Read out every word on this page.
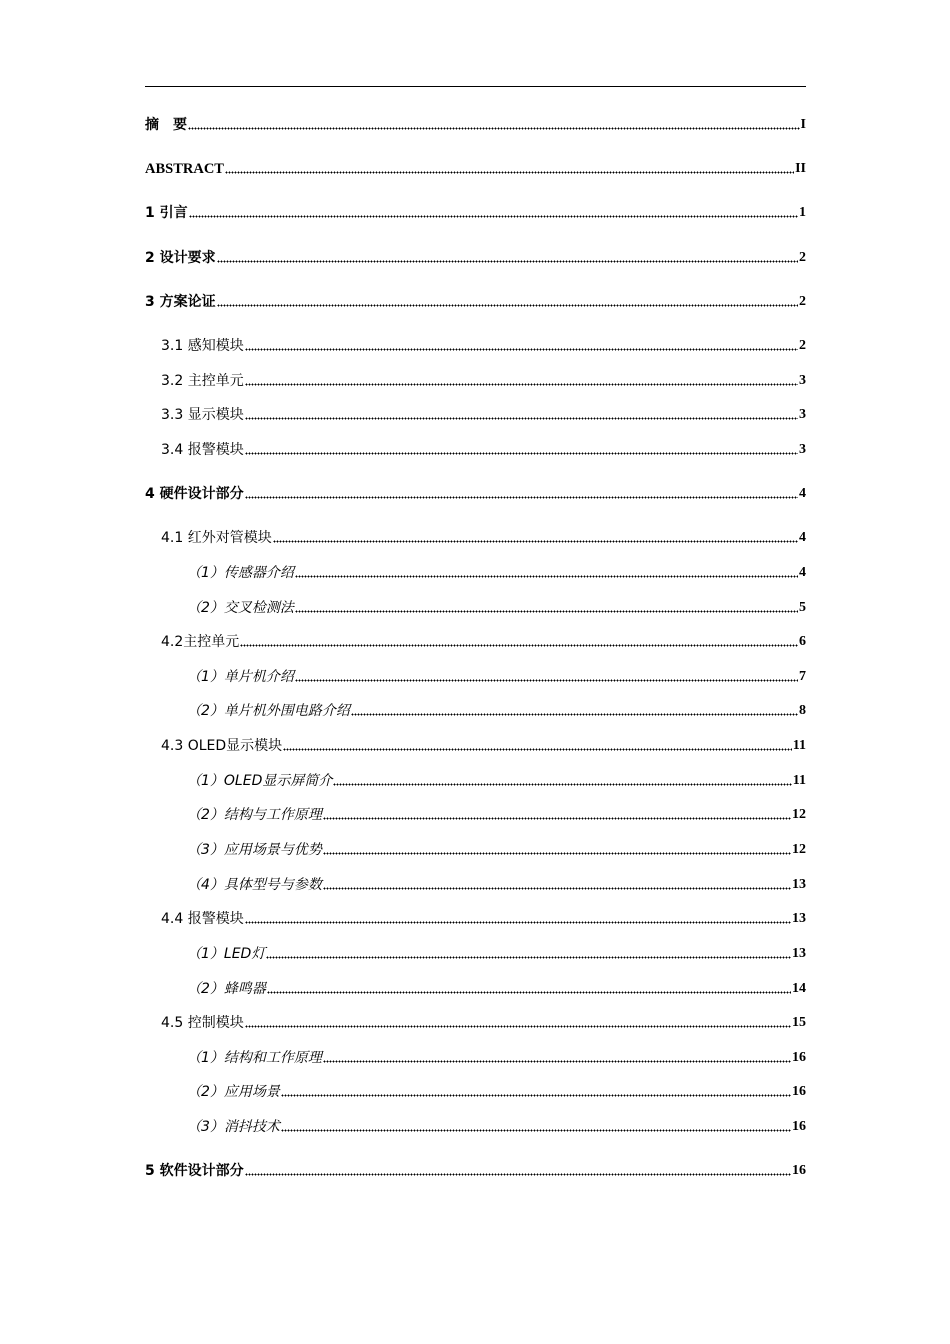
摘　要	I
ABSTRACT	II
1 引言	1
2 设计要求	2
3 方案论证	2
3.1 感知模块	2
3.2 主控单元	3
3.3 显示模块	3
3.4 报警模块	3
4 硬件设计部分	4
4.1 红外对管模块	4
（1）传感器介绍	4
（2）交叉检测法	5
4.2主控单元	6
（1）单片机介绍	7
（2）单片机外围电路介绍	8
4.3 OLED显示模块	11
（1）OLED显示屏简介	11
（2）结构与工作原理	12
（3）应用场景与优势	12
（4）具体型号与参数	13
4.4 报警模块	13
（1）LED灯	13
（2）蜂鸣器	14
4.5 控制模块	15
（1）结构和工作原理	16
（2）应用场景	16
（3）消抖技术	16
5 软件设计部分	16
